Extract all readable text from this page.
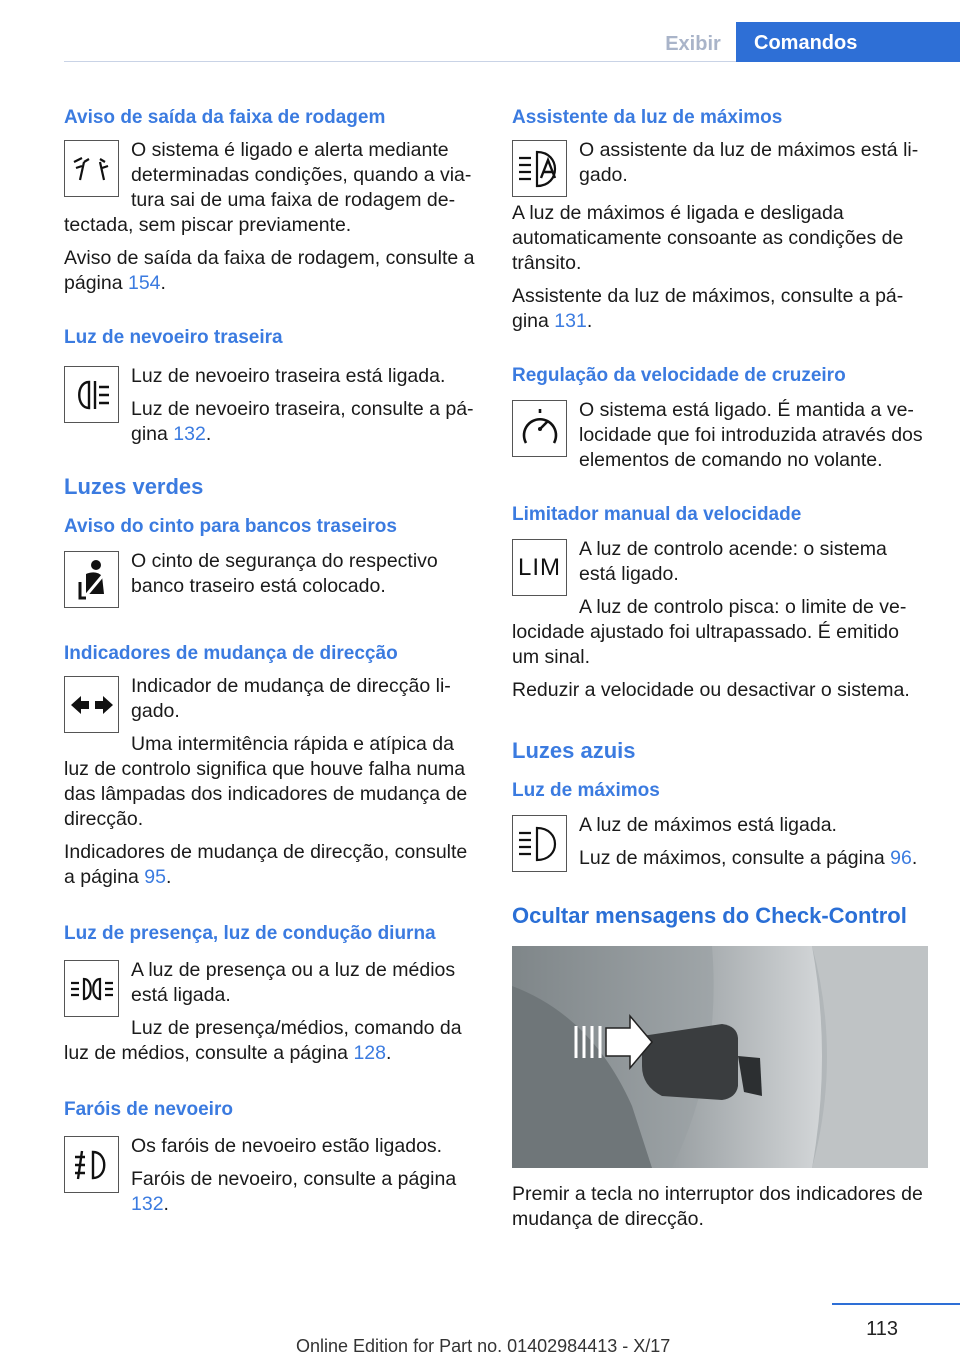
Exibir	Comandos
Aviso de saída da faixa de rodagem

O sistema é ligado e alerta mediante determinadas condições, quando a viatura sai de uma faixa de rodagem detectada, sem piscar previamente.

Aviso de saída da faixa de rodagem, consulte a página 154.

Luz de nevoeiro traseira

Luz de nevoeiro traseira está ligada.

Luz de nevoeiro traseira, consulte a página 132.

Luzes verdes
Aviso do cinto para bancos traseiros

O cinto de segurança do respectivo banco traseiro está colocado.

Indicadores de mudança de direcção

Indicador de mudança de direcção ligado.

Uma intermitência rápida e atípica da luz de controlo significa que houve falha numa das lâmpadas dos indicadores de mudança de direcção.

Indicadores de mudança de direcção, consulte a página 95.

Luz de presença, luz de condução diurna

A luz de presença ou a luz de médios está ligada.

Luz de presença/médios, comando da luz de médios, consulte a página 128.

Faróis de nevoeiro

Os faróis de nevoeiro estão ligados.

Faróis de nevoeiro, consulte a página 132.

Assistente da luz de máximos

O assistente da luz de máximos está ligado.

A luz de máximos é ligada e desligada automaticamente consoante as condições de trânsito.

Assistente da luz de máximos, consulte a página 131.

Regulação da velocidade de cruzeiro

O sistema está ligado. É mantida a velocidade que foi introduzida através dos elementos de comando no volante.

Limitador manual da velocidade
LIM

A luz de controlo acende: o sistema está ligado.

A luz de controlo pisca: o limite de velocidade ajustado foi ultrapassado. É emitido um sinal.

Reduzir a velocidade ou desactivar o sistema.

Luzes azuis
Luz de máximos

A luz de máximos está ligada.

Luz de máximos, consulte a página 96.

Ocultar mensagens do Check-Control

Premir a tecla no interruptor dos indicadores de mudança de direcção.

113
Online Edition for Part no. 01402984413 - X/17
